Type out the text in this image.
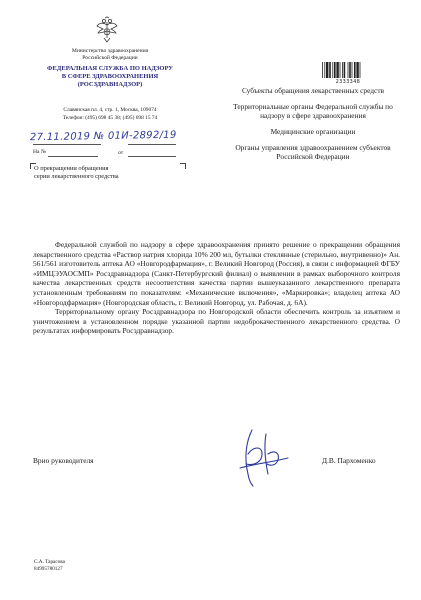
Министерство здравоохранения
Российской Федерации
ФЕДЕРАЛЬНАЯ СЛУЖБА ПО НАДЗОРУ
В СФЕРЕ ЗДРАВООХРАНЕНИЯ
(РОСЗДРАВНАДЗОР)
Славянская пл. 4, стр. 1, Москва, 109074
Телефон: (495) 698 45 38; (495) 698 15 74
27.11.2019 № 01И-2892/19
На №	от
О прекращении обращения
серии лекарственного средства
2333348

Субъекты обращения лекарственных средств

Территориальные органы Федеральной службы по надзору в сфере здравоохранения

Медицинские организации

Органы управления здравоохранением субъектов Российской Федерации

Федеральной службой по надзору в сфере здравоохранения принято решение о прекращении обращения лекарственного средства «Раствор натрия хлорида 10% 200 мл, бутылки стеклянные (стерильно, внутривенно)» Ан. 561/561 изготовитель аптека АО «Новгородфармация», г. Великий Новгород (Россия), в связи с информацией ФГБУ «ИМЦЭУАОСМП» Росздравнадзора (Санкт-Петербургский филиал) о выявлении в рамках выборочного контроля качества лекарственных средств несоответствия качества партии вышеуказанного лекарственного препарата установленным требованиям по показателям: «Механические включения», «Маркировка»; владелец аптека АО «Новгородфармация» (Новгородская область, г. Великий Новгород, ул. Рабочая, д. 6А).

Территориальному органу Росздравнадзора по Новгородской области обеспечить контроль за изъятием и уничтожением в установленном порядке указанной партии недоброкачественного лекарственного средства. О результатах информировать Росздравнадзор.

Врио руководителя	Д.В. Пархоменко
С.А. Тарасова
84995780127
